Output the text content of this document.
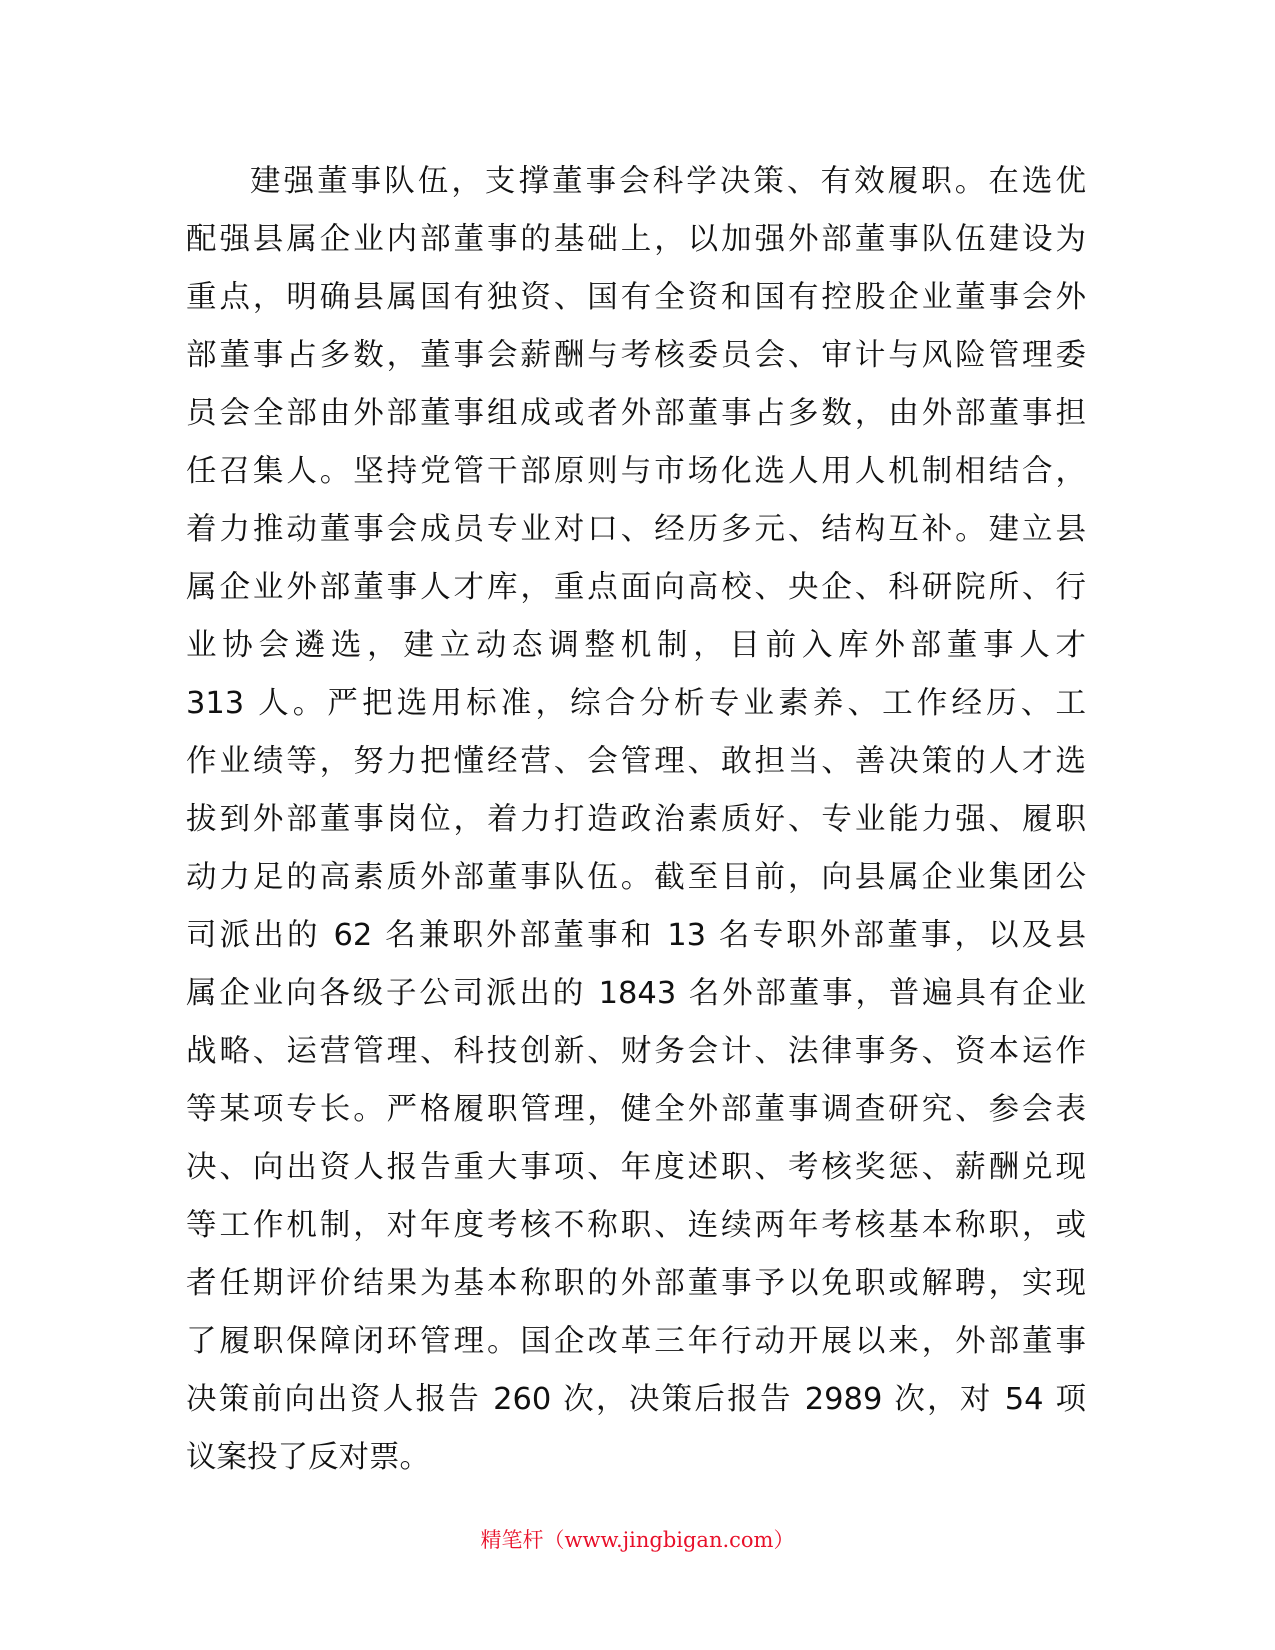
建强董事队伍，支撑董事会科学决策、有效履职。在选优
配强县属企业内部董事的基础上，以加强外部董事队伍建设为
重点，明确县属国有独资、国有全资和国有控股企业董事会外
部董事占多数，董事会薪酬与考核委员会、审计与风险管理委
员会全部由外部董事组成或者外部董事占多数，由外部董事担
任召集人。坚持党管干部原则与市场化选人用人机制相结合，
着力推动董事会成员专业对口、经历多元、结构互补。建立县
属企业外部董事人才库，重点面向高校、央企、科研院所、行
业协会遴选，建立动态调整机制，目前入库外部董事人才
313 人。严把选用标准，综合分析专业素养、工作经历、工
作业绩等，努力把懂经营、会管理、敢担当、善决策的人才选
拔到外部董事岗位，着力打造政治素质好、专业能力强、履职
动力足的高素质外部董事队伍。截至目前，向县属企业集团公
司派出的 62 名兼职外部董事和 13 名专职外部董事，以及县
属企业向各级子公司派出的 1843 名外部董事，普遍具有企业
战略、运营管理、科技创新、财务会计、法律事务、资本运作
等某项专长。严格履职管理，健全外部董事调查研究、参会表
决、向出资人报告重大事项、年度述职、考核奖惩、薪酬兑现
等工作机制，对年度考核不称职、连续两年考核基本称职，或
者任期评价结果为基本称职的外部董事予以免职或解聘，实现
了履职保障闭环管理。国企改革三年行动开展以来，外部董事
决策前向出资人报告 260 次，决策后报告 2989 次，对 54 项
议案投了反对票。
精笔杆（www.jingbigan.com）
